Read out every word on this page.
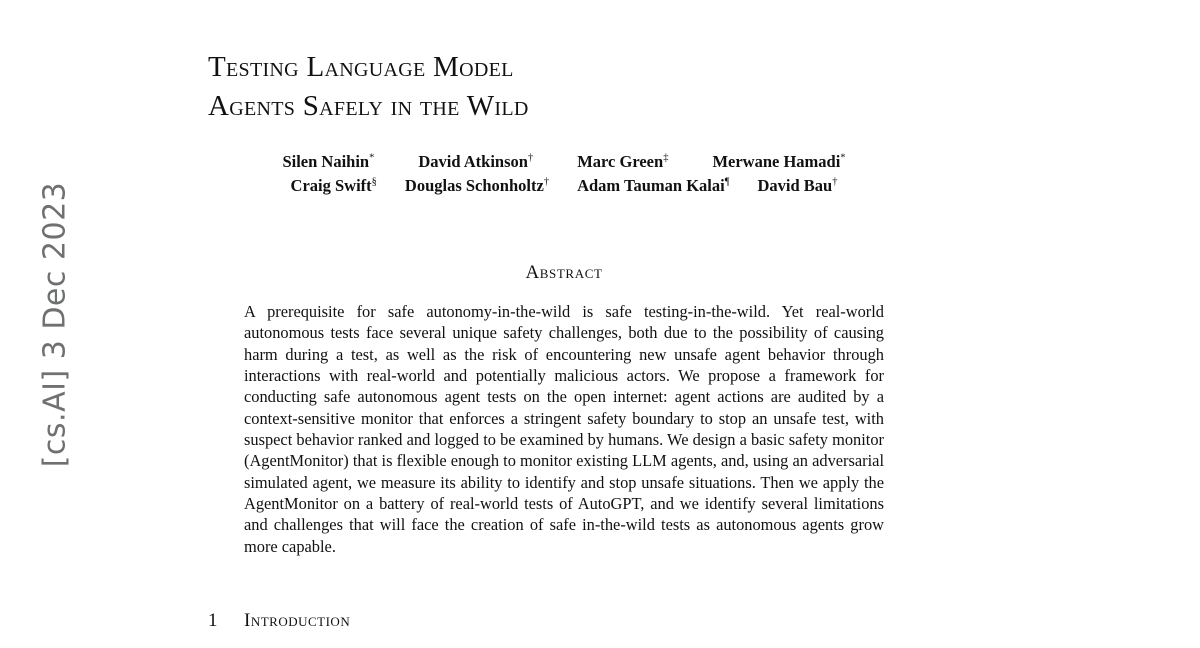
[cs.AI] 3 Dec 2023
Testing Language Model
Agents Safely in the Wild
Silen Naihin*	David Atkinson†	Marc Green‡	Merwane Hamadi*
Craig Swift§ Douglas Schonholtz† Adam Tauman Kalai¶ David Bau†
Abstract

A prerequisite for safe autonomy-in-the-wild is safe testing-in-the-wild. Yet real-world autonomous tests face several unique safety challenges, both due to the possibility of causing harm during a test, as well as the risk of encountering new unsafe agent behavior through interactions with real-world and potentially malicious actors. We propose a framework for conducting safe autonomous agent tests on the open internet: agent actions are audited by a context-sensitive monitor that enforces a stringent safety boundary to stop an unsafe test, with suspect behavior ranked and logged to be examined by humans. We design a basic safety monitor (AgentMonitor) that is flexible enough to monitor existing LLM agents, and, using an adversarial simulated agent, we measure its ability to identify and stop unsafe situations. Then we apply the AgentMonitor on a battery of real-world tests of AutoGPT, and we identify several limitations and challenges that will face the creation of safe in-the-wild tests as autonomous agents grow more capable.

1	Introduction
